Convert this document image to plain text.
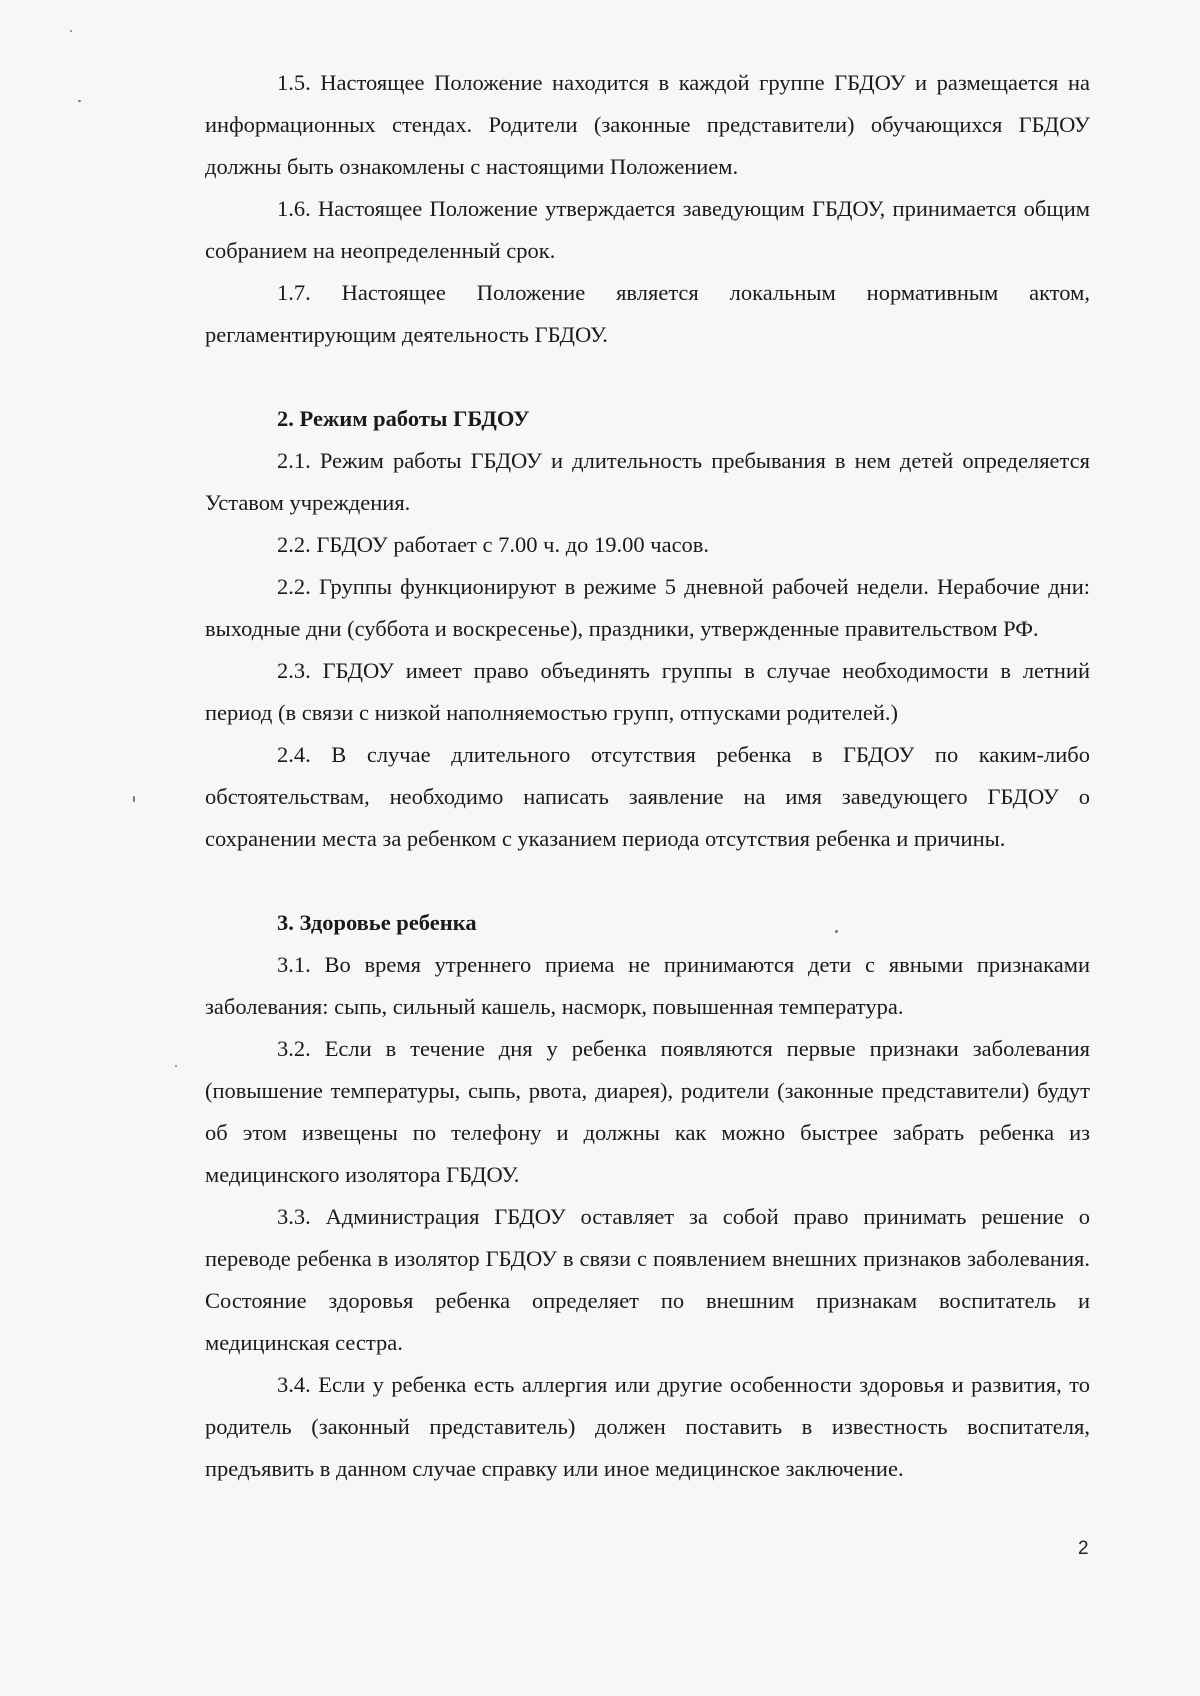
1.5. Настоящее Положение находится в каждой группе ГБДОУ и размещается на информационных стендах. Родители (законные представители) обучающихся ГБДОУ должны быть ознакомлены с настоящими Положением.

1.6. Настоящее Положение утверждается заведующим ГБДОУ, принимается общим собранием на неопределенный срок.

1.7. Настоящее Положение является локальным нормативным актом, регламентирующим деятельность ГБДОУ.

2. Режим работы ГБДОУ

2.1. Режим работы ГБДОУ и длительность пребывания в нем детей определяется Уставом учреждения.

2.2. ГБДОУ работает с 7.00 ч. до 19.00 часов.

2.2. Группы функционируют в режиме 5 дневной рабочей недели. Нерабочие дни: выходные дни (суббота и воскресенье), праздники, утвержденные правительством РФ.

2.3. ГБДОУ имеет право объединять группы в случае необходимости в летний период (в связи с низкой наполняемостью групп, отпусками родителей.)

2.4. В случае длительного отсутствия ребенка в ГБДОУ по каким-либо обстоятельствам, необходимо написать заявление на имя заведующего ГБДОУ о сохранении места за ребенком с указанием периода отсутствия ребенка и причины.

3. Здоровье ребенка

3.1. Во время утреннего приема не принимаются дети с явными признаками заболевания: сыпь, сильный кашель, насморк, повышенная температура.

3.2. Если в течение дня у ребенка появляются первые признаки заболевания (повышение температуры, сыпь, рвота, диарея), родители (законные представители) будут об этом извещены по телефону и должны как можно быстрее забрать ребенка из медицинского изолятора ГБДОУ.

3.3. Администрация ГБДОУ оставляет за собой право принимать решение о переводе ребенка в изолятор ГБДОУ в связи с появлением внешних признаков заболевания. Состояние здоровья ребенка определяет по внешним признакам воспитатель и медицинская сестра.

3.4. Если у ребенка есть аллергия или другие особенности здоровья и развития, то родитель (законный представитель) должен поставить в известность воспитателя, предъявить в данном случае справку или иное медицинское заключение.

2
